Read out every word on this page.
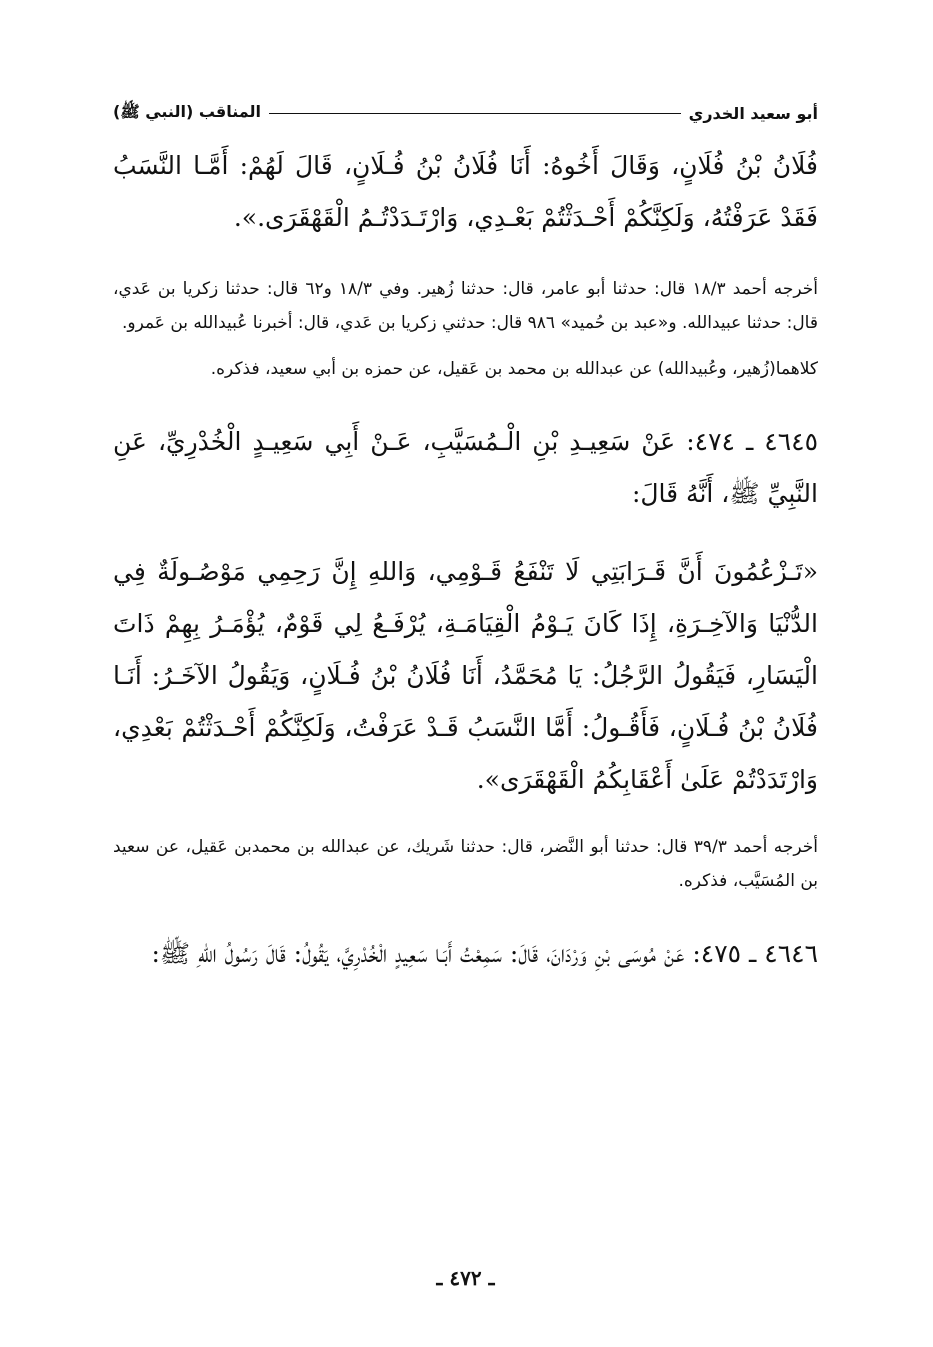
أبو سعيد الخدري
المناقب (النبي ﷺ)
فُلَانُ بْنُ فُلَانٍ، وَقَالَ أَخُوهُ: أَنَا فُلَانُ بْنُ فُـلَانٍ، قَالَ لَهُمْ: أَمَّـا النَّسَبُ فَقَدْ عَرَفْتُهُ، وَلَكِنَّكُمْ أَحْـدَثْتُمْ بَعْـدِي، وَارْتَـدَدْتُـمُ الْقَهْقَرَى.».
أخرجه أحمد ٣/‏١٨ قال: حدثنا أبو عامر، قال: حدثنا زُهير. وفي ٣/‏١٨ و٦٢ قال: حدثنا زكريا بن عَدي، قال: حدثنا عبيدالله. و«عبد بن حُميد» ٩٨٦ قال: حدثني زكريا بن عَدي، قال: أخبرنا عُبيدالله بن عَمرو.
كلاهما(زُهير، وعُبيدالله) عن عبدالله بن محمد بن عَقيل، عن حمزه بن أبي سعيد، فذكره.
٤٦٤٥ ـ ٤٧٤: عَنْ سَعِيـدِ بْنِ الْـمُسَيَّبِ، عَـنْ أَبِي سَعِيـدٍ الْخُدْرِيِّ، عَنِ النَّبِيِّ ﷺ، أَنَّهُ قَالَ:
«تَـزْعُمُونَ أَنَّ قَـرَابَتِي لَا تَنْفَعُ قَـوْمِي، وَاللهِ إِنَّ رَحِمِي مَوْصُـولَةٌ فِي الدُّنْيَا وَالآخِـرَةِ، إِذَا كَانَ يَـوْمُ الْقِيَامَـةِ، يُرْفَـعُ لِي قَوْمٌ، يُؤْمَـرُ بِهِمْ ذَاتَ الْيَسَارِ، فَيَقُولُ الرَّجُلُ: يَا مُحَمَّدُ، أَنَا فُلَانُ بْنُ فُـلَانٍ، وَيَقُولُ الآخَـرُ: أَنَـا فُلَانُ بْنُ فُـلَانٍ، فَأَقُـولُ: أَمَّا النَّسَبُ قَـدْ عَرَفْتُ، وَلَكِنَّكُمْ أَحْـدَثْتُمْ بَعْدِي، وَارْتَدَدْتُمْ عَلَىٰ أَعْقَابِكُمُ الْقَهْقَرَى».
أخرجه أحمد ٣/‏٣٩ قال: حدثنا أبو النَّضر، قال: حدثنا شَريك، عن عبدالله بن محمدبن عَقيل، عن سعيد بن المُسَيَّب، فذكره.
٤٦٤٦ ـ ٤٧٥: عَنْ مُوسَى بْنِ وَرْدَانَ، قَالَ: سَمِعْتُ أَبَـا سَعِيدٍ الْخُدْرِيَّ، يَقُولُ: قَالَ رَسُولُ اللهِ ﷺ:
ـ ٤٧٢ ـ
